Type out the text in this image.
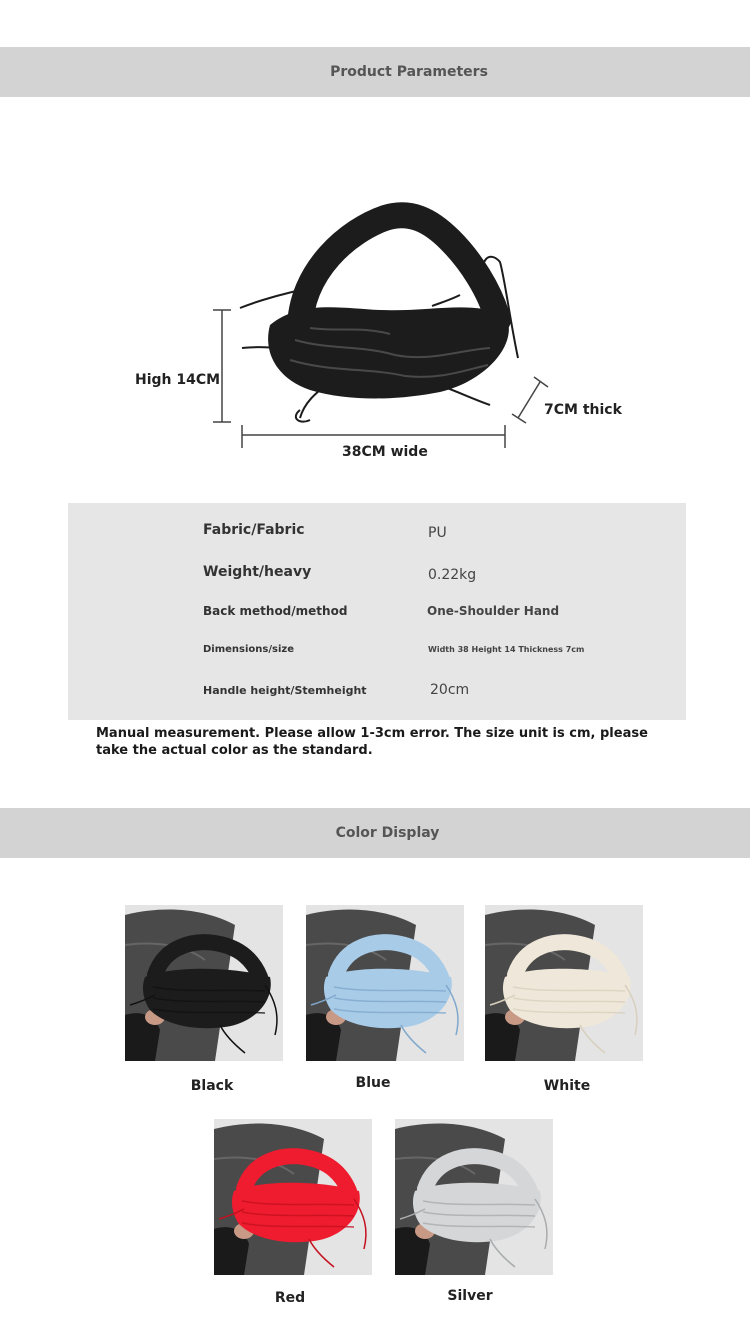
Product Parameters
High 14CM
38CM wide
7CM thick
Fabric/Fabric	PU
Weight/heavy	0.22kg
Back method/method	One-Shoulder Hand
Dimensions/size	Width 38 Height 14 Thickness 7cm
Handle height/Stemheight	20cm
Manual measurement. Please allow 1-3cm error. The size unit is cm, please take the actual color as the standard.
Color Display
Black	Blue	White
Red	Silver
